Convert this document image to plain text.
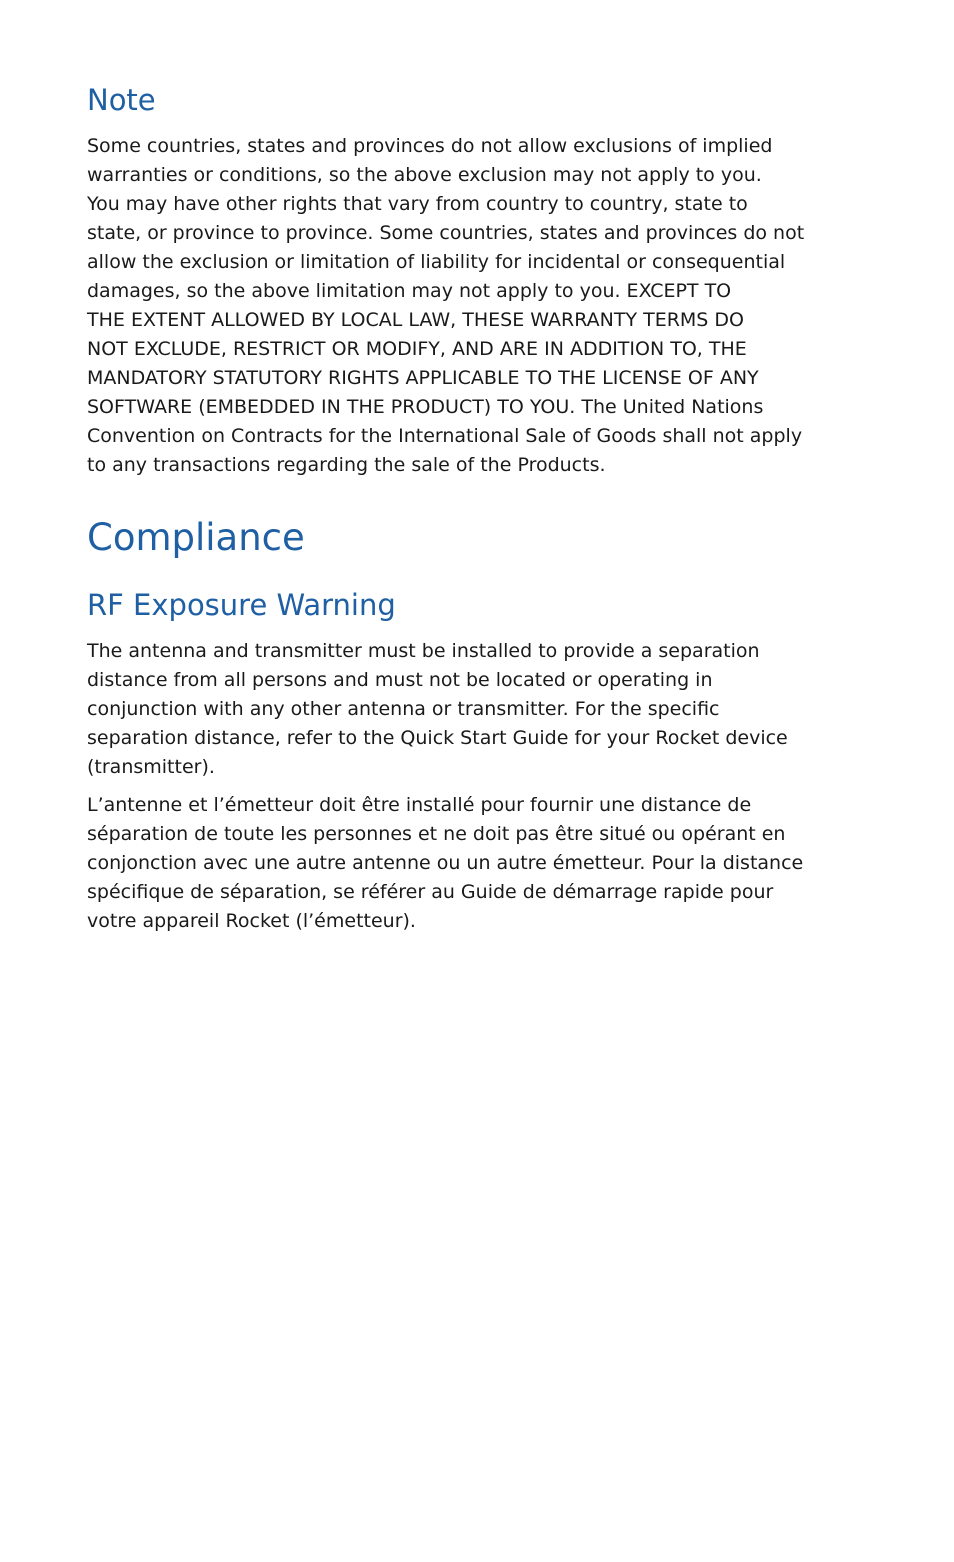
Note

Some countries, states and provinces do not allow exclusions of implied
warranties or conditions, so the above exclusion may not apply to you.
You may have other rights that vary from country to country, state to
state, or province to province. Some countries, states and provinces do not
allow the exclusion or limitation of liability for incidental or consequential
damages, so the above limitation may not apply to you. EXCEPT TO
THE EXTENT ALLOWED BY LOCAL LAW, THESE WARRANTY TERMS DO
NOT EXCLUDE, RESTRICT OR MODIFY, AND ARE IN ADDITION TO, THE
MANDATORY STATUTORY RIGHTS APPLICABLE TO THE LICENSE OF ANY
SOFTWARE (EMBEDDED IN THE PRODUCT) TO YOU. The United Nations
Convention on Contracts for the International Sale of Goods shall not apply
to any transactions regarding the sale of the Products.

Compliance
RF Exposure Warning

The antenna and transmitter must be installed to provide a separation
distance from all persons and must not be located or operating in
conjunction with any other antenna or transmitter. For the specific
separation distance, refer to the Quick Start Guide for your Rocket device
(transmitter).

L’antenne et l’émetteur doit être installé pour fournir une distance de
séparation de toute les personnes et ne doit pas être situé ou opérant en
conjonction avec une autre antenne ou un autre émetteur. Pour la distance
spécifique de séparation, se référer au Guide de démarrage rapide pour
votre appareil Rocket (l’émetteur).
